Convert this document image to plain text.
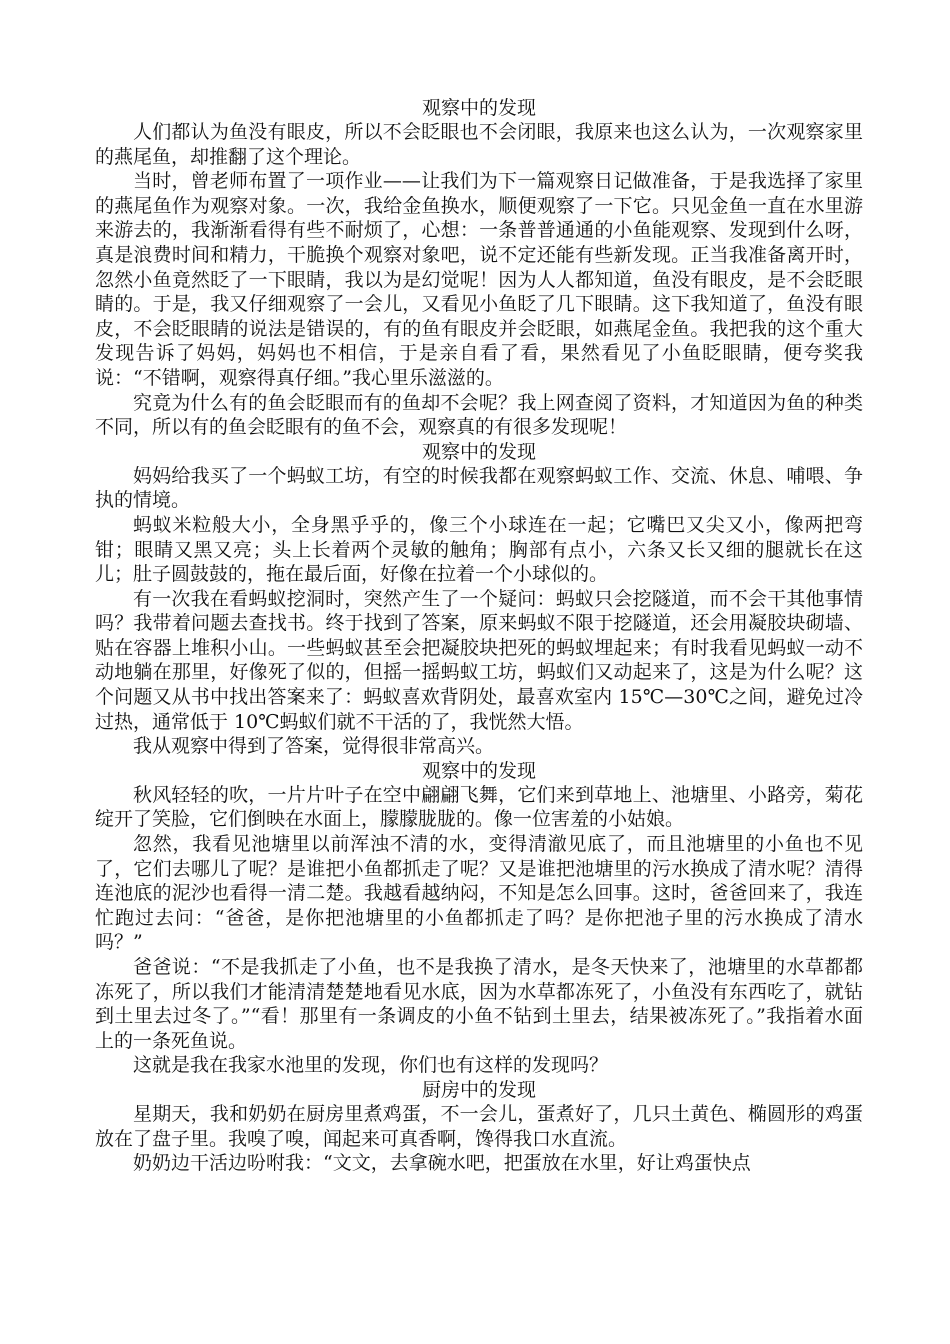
观察中的发现

人们都认为鱼没有眼皮，所以不会眨眼也不会闭眼，我原来也这么认为，一次观察家里的燕尾鱼，却推翻了这个理论。

当时，曾老师布置了一项作业——让我们为下一篇观察日记做准备，于是我选择了家里的燕尾鱼作为观察对象。一次，我给金鱼换水，顺便观察了一下它。只见金鱼一直在水里游来游去的，我渐渐看得有些不耐烦了，心想：一条普普通通的小鱼能观察、发现到什么呀，真是浪费时间和精力，干脆换个观察对象吧，说不定还能有些新发现。正当我准备离开时，忽然小鱼竟然眨了一下眼睛，我以为是幻觉呢！因为人人都知道，鱼没有眼皮，是不会眨眼睛的。于是，我又仔细观察了一会儿，又看见小鱼眨了几下眼睛。这下我知道了，鱼没有眼皮，不会眨眼睛的说法是错误的，有的鱼有眼皮并会眨眼，如燕尾金鱼。我把我的这个重大发现告诉了妈妈，妈妈也不相信，于是亲自看了看，果然看见了小鱼眨眼睛，便夸奖我说：“不错啊，观察得真仔细。”我心里乐滋滋的。

究竟为什么有的鱼会眨眼而有的鱼却不会呢？我上网查阅了资料，才知道因为鱼的种类不同，所以有的鱼会眨眼有的鱼不会，观察真的有很多发现呢！

观察中的发现

妈妈给我买了一个蚂蚁工坊，有空的时候我都在观察蚂蚁工作、交流、休息、哺喂、争执的情境。

蚂蚁米粒般大小，全身黑乎乎的，像三个小球连在一起；它嘴巴又尖又小，像两把弯钳；眼睛又黑又亮；头上长着两个灵敏的触角；胸部有点小，六条又长又细的腿就长在这儿；肚子圆鼓鼓的，拖在最后面，好像在拉着一个小球似的。

有一次我在看蚂蚁挖洞时，突然产生了一个疑问：蚂蚁只会挖隧道，而不会干其他事情吗？我带着问题去查找书。终于找到了答案，原来蚂蚁不限于挖隧道，还会用凝胶块砌墙、贴在容器上堆积小山。一些蚂蚁甚至会把凝胶块把死的蚂蚁埋起来；有时我看见蚂蚁一动不动地躺在那里，好像死了似的，但摇一摇蚂蚁工坊，蚂蚁们又动起来了，这是为什么呢？这个问题又从书中找出答案来了：蚂蚁喜欢背阴处，最喜欢室内 15℃—30℃之间，避免过冷过热，通常低于 10℃蚂蚁们就不干活的了，我恍然大悟。

我从观察中得到了答案，觉得很非常高兴。

观察中的发现

秋风轻轻的吹，一片片叶子在空中翩翩飞舞，它们来到草地上、池塘里、小路旁，菊花绽开了笑脸，它们倒映在水面上，朦朦胧胧的。像一位害羞的小姑娘。

忽然，我看见池塘里以前浑浊不清的水，变得清澈见底了，而且池塘里的小鱼也不见了，它们去哪儿了呢？是谁把小鱼都抓走了呢？又是谁把池塘里的污水换成了清水呢？清得连池底的泥沙也看得一清二楚。我越看越纳闷，不知是怎么回事。这时，爸爸回来了，我连忙跑过去问：“爸爸，是你把池塘里的小鱼都抓走了吗？是你把池子里的污水换成了清水吗？”

爸爸说：“不是我抓走了小鱼，也不是我换了清水，是冬天快来了，池塘里的水草都都冻死了，所以我们才能清清楚楚地看见水底，因为水草都冻死了，小鱼没有东西吃了，就钻到土里去过冬了。”“看！那里有一条调皮的小鱼不钻到土里去，结果被冻死了。”我指着水面上的一条死鱼说。

这就是我在我家水池里的发现，你们也有这样的发现吗？

厨房中的发现

星期天，我和奶奶在厨房里煮鸡蛋，不一会儿，蛋煮好了，几只土黄色、椭圆形的鸡蛋放在了盘子里。我嗅了嗅，闻起来可真香啊，馋得我口水直流。

奶奶边干活边吩咐我：“文文，去拿碗水吧，把蛋放在水里，好让鸡蛋快点
